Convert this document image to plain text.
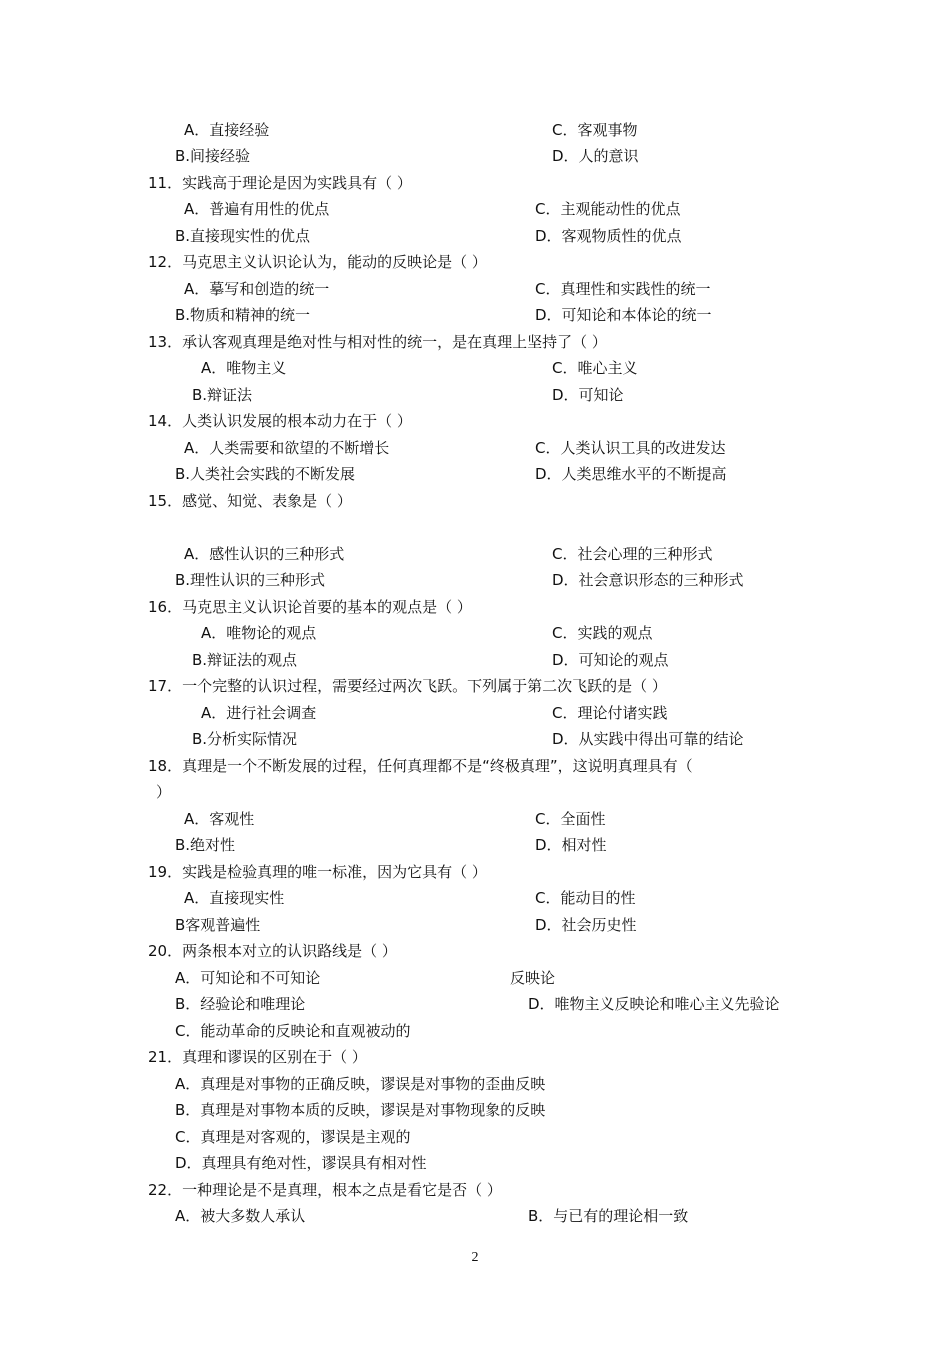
A．直接经验	C．客观事物
B.间接经验	D．人的意识
11．实践高于理论是因为实践具有（ ）
A．普遍有用性的优点	C．主观能动性的优点
B.直接现实性的优点	D．客观物质性的优点
12．马克思主义认识论认为，能动的反映论是（ ）
A．摹写和创造的统一	C．真理性和实践性的统一
B.物质和精神的统一	D．可知论和本体论的统一
13．承认客观真理是绝对性与相对性的统一，是在真理上坚持了（ ）
A．唯物主义	C．唯心主义
B.辩证法	D．可知论
14．人类认识发展的根本动力在于（ ）
A．人类需要和欲望的不断增长	C．人类认识工具的改进发达
B.人类社会实践的不断发展	D．人类思维水平的不断提高
15．感觉、知觉、表象是（ ）
A．感性认识的三种形式	C．社会心理的三种形式
B.理性认识的三种形式	D．社会意识形态的三种形式
16．马克思主义认识论首要的基本的观点是（ ）
A．唯物论的观点	C．实践的观点
B.辩证法的观点	D．可知论的观点
17．一个完整的认识过程，需要经过两次飞跃。下列属于第二次飞跃的是（ ）
A．进行社会调查	C．理论付诸实践
B.分析实际情况	D．从实践中得出可靠的结论
18．真理是一个不断发展的过程，任何真理都不是“终极真理”，这说明真理具有（
）
A．客观性	C．全面性
B.绝对性	D．相对性
19．实践是检验真理的唯一标准，因为它具有（ ）
A．直接现实性	C．能动目的性
B客观普遍性	D．社会历史性
20．两条根本对立的认识路线是（ ）
A．可知论和不可知论	反映论
B．经验论和唯理论	D．唯物主义反映论和唯心主义先验论
C．能动革命的反映论和直观被动的
21．真理和谬误的区别在于（ ）
A．真理是对事物的正确反映，谬误是对事物的歪曲反映
B．真理是对事物本质的反映，谬误是对事物现象的反映
C．真理是对客观的，谬误是主观的
D．真理具有绝对性，谬误具有相对性
22．一种理论是不是真理，根本之点是看它是否（ ）
A．被大多数人承认	B．与已有的理论相一致
2
